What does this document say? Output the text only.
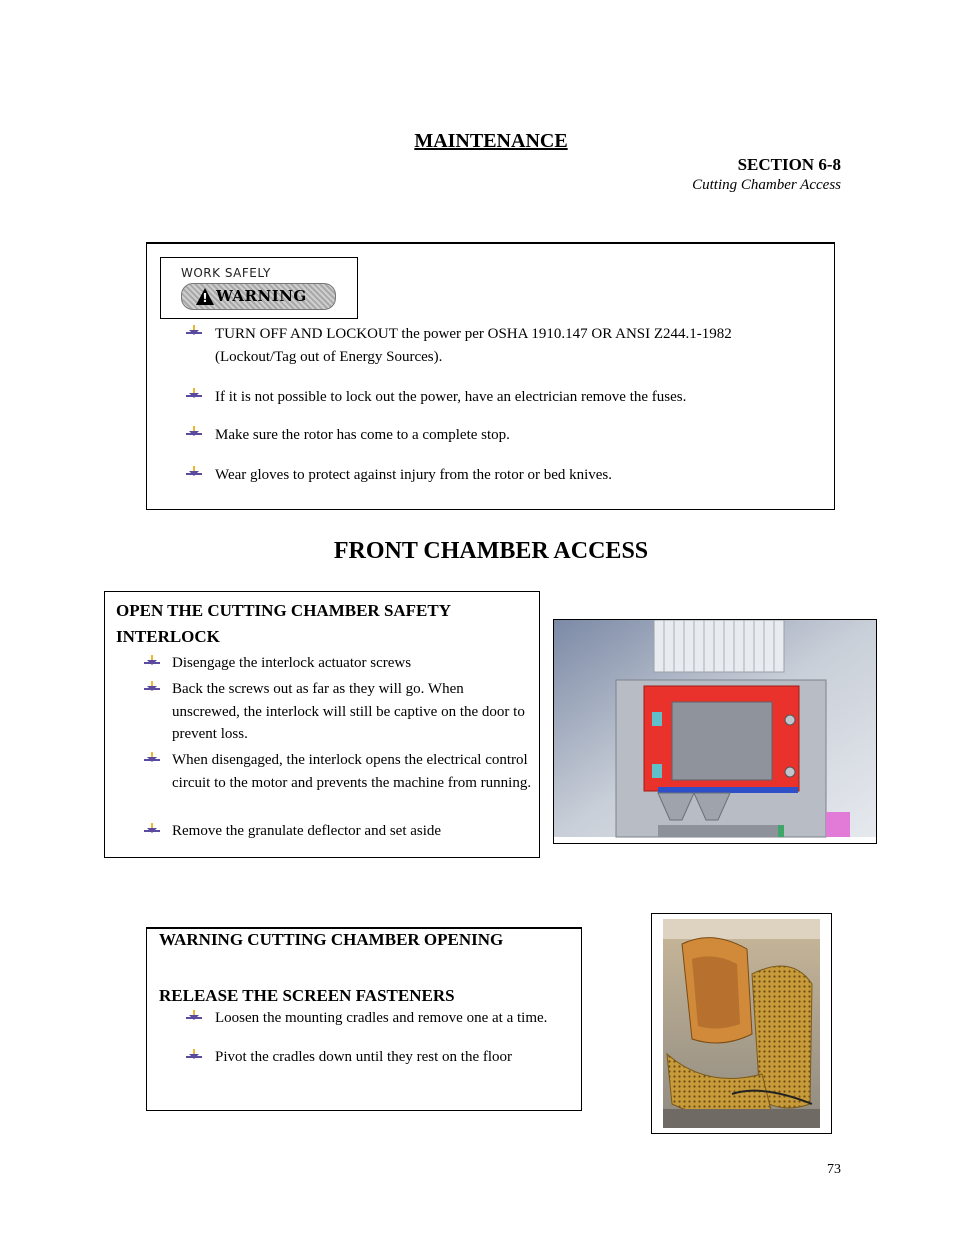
MAINTENANCE
SECTION 6-8
Cutting Chamber Access
WORK SAFELY
! WARNING
TURN OFF AND LOCKOUT the power per OSHA 1910.147 OR ANSI Z244.1-1982 (Lockout/Tag out of Energy Sources).
If it is not possible to lock out the power, have an electrician remove the fuses.
Make sure the rotor has come to a complete stop.
Wear gloves to protect against injury from the rotor or bed knives.
FRONT CHAMBER ACCESS
OPEN THE CUTTING CHAMBER SAFETY INTERLOCK
Disengage the interlock actuator screws
Back the screws out as far as they will go. When unscrewed, the interlock will still be captive on the door to prevent loss.
When disengaged, the interlock opens the electrical control circuit to the motor and prevents the machine from running.
Remove the granulate deflector and set aside
WARNING CUTTING CHAMBER OPENING
RELEASE THE SCREEN FASTENERS
Loosen the mounting cradles and remove one at a time.
Pivot the cradles down until they rest on the floor
73
